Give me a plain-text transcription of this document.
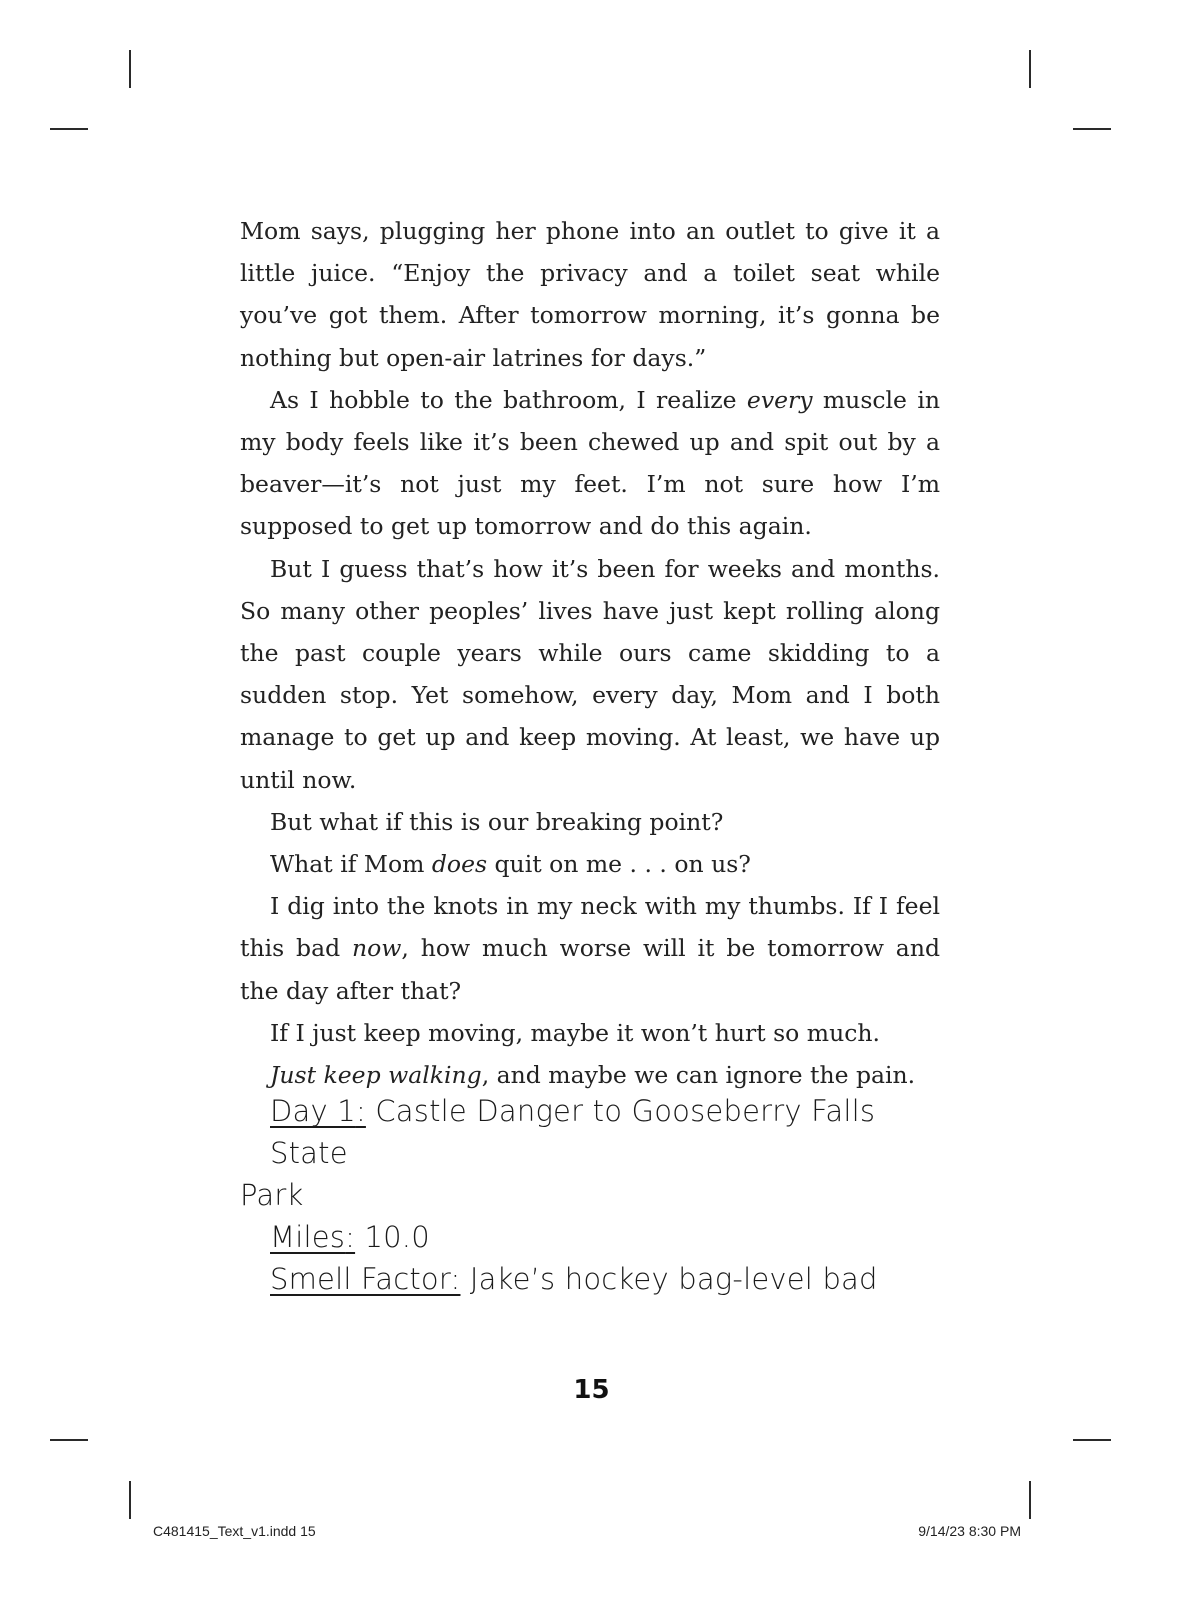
Mom says, plugging her phone into an outlet to give it a little juice. “Enjoy the privacy and a toilet seat while you’ve got them. After tomorrow morning, it’s gonna be nothing but open-air latrines for days.”

As I hobble to the bathroom, I realize every muscle in my body feels like it’s been chewed up and spit out by a beaver—it’s not just my feet. I’m not sure how I’m supposed to get up tomorrow and do this again.

But I guess that’s how it’s been for weeks and months. So many other peoples’ lives have just kept rolling along the past couple years while ours came skidding to a sudden stop. Yet somehow, every day, Mom and I both manage to get up and keep moving. At least, we have up until now.

But what if this is our breaking point?

What if Mom does quit on me . . . on us?

I dig into the knots in my neck with my thumbs. If I feel this bad now, how much worse will it be tomorrow and the day after that?

If I just keep moving, maybe it won’t hurt so much.

Just keep walking, and maybe we can ignore the pain.

Day 1: Castle Danger to Gooseberry Falls State

Park

Miles: 10.0

Smell Factor: Jake’s hockey bag-level bad

15
C481415_Text_v1.indd 15	9/14/23 8:30 PM
